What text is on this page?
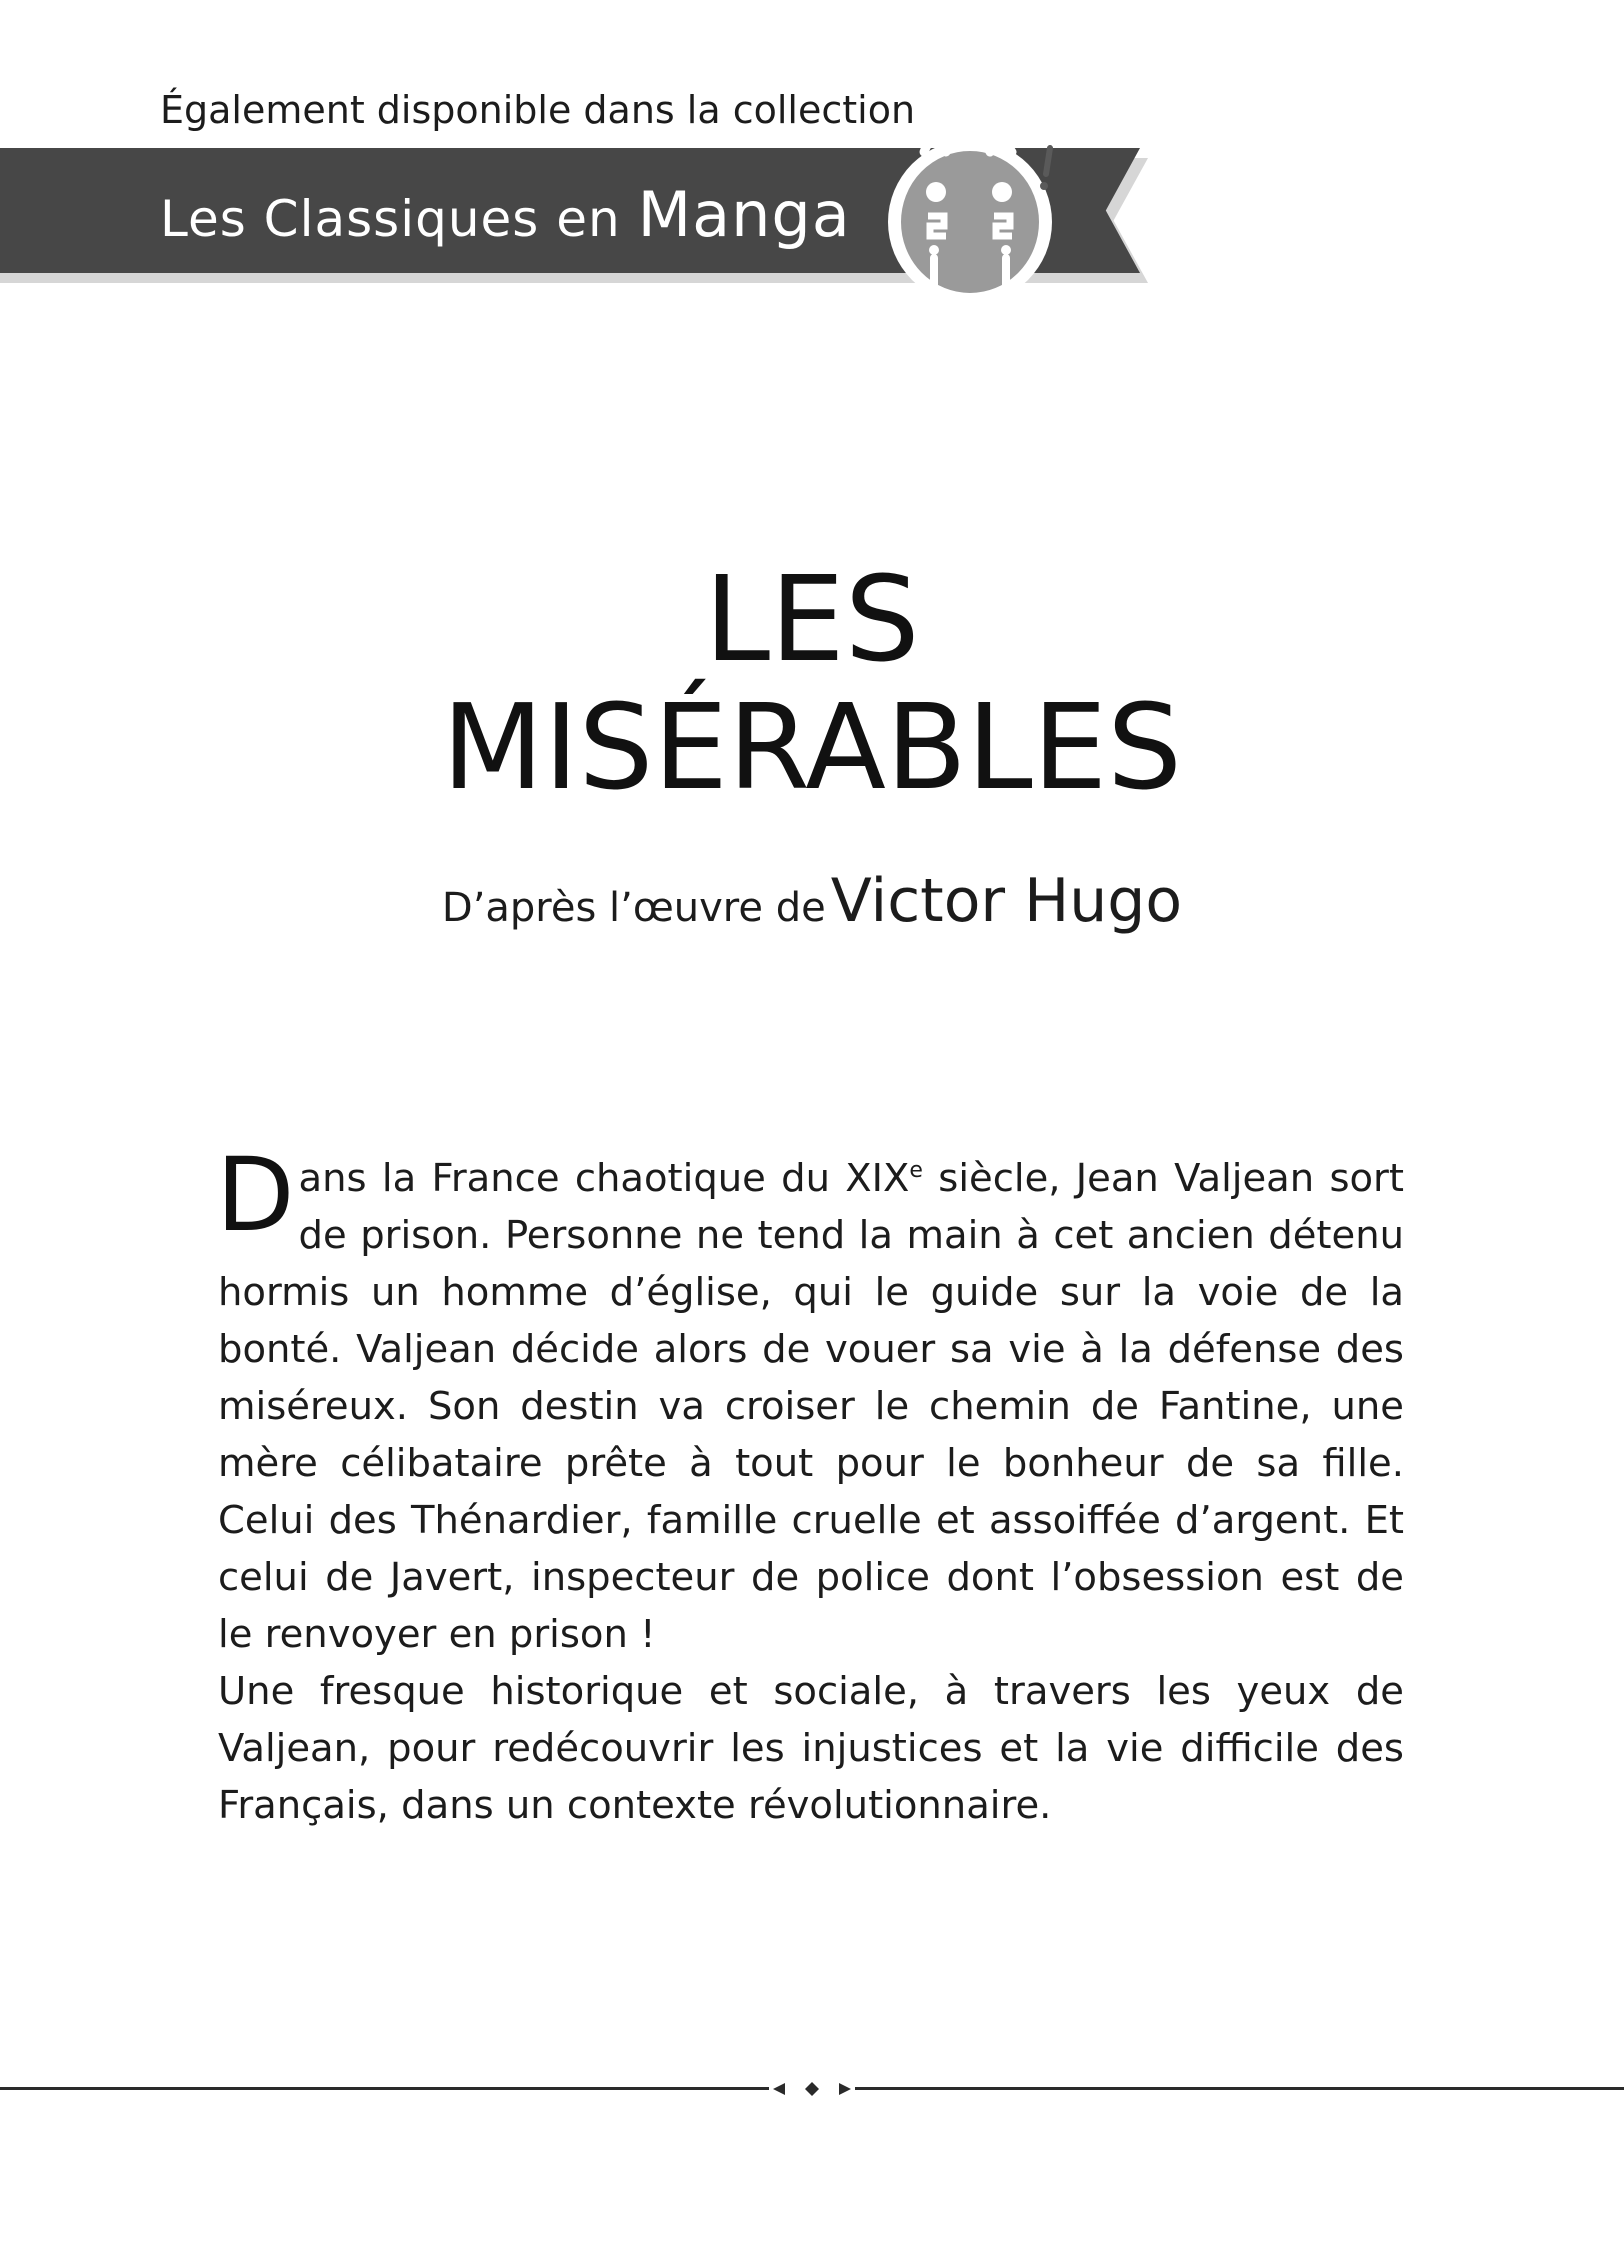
Également disponible dans la collection
Les Classiques en Manga
LES
MISÉRABLES
D’après l’œuvre de Victor Hugo

Dans la France chaotique du XIXe siècle, Jean Valjean sort de prison. Personne ne tend la main à cet ancien détenu hormis un homme d’église, qui le guide sur la voie de la bonté. Valjean décide alors de vouer sa vie à la défense des miséreux. Son destin va croiser le chemin de Fantine, une mère célibataire prête à tout pour le bonheur de sa fille. Celui des Thénardier, famille cruelle et assoiffée d’argent. Et celui de Javert, inspecteur de police dont l’obsession est de le renvoyer en prison !

Une fresque historique et sociale, à travers les yeux de Valjean, pour redécouvrir les injustices et la vie difficile des Français, dans un contexte révolutionnaire.
